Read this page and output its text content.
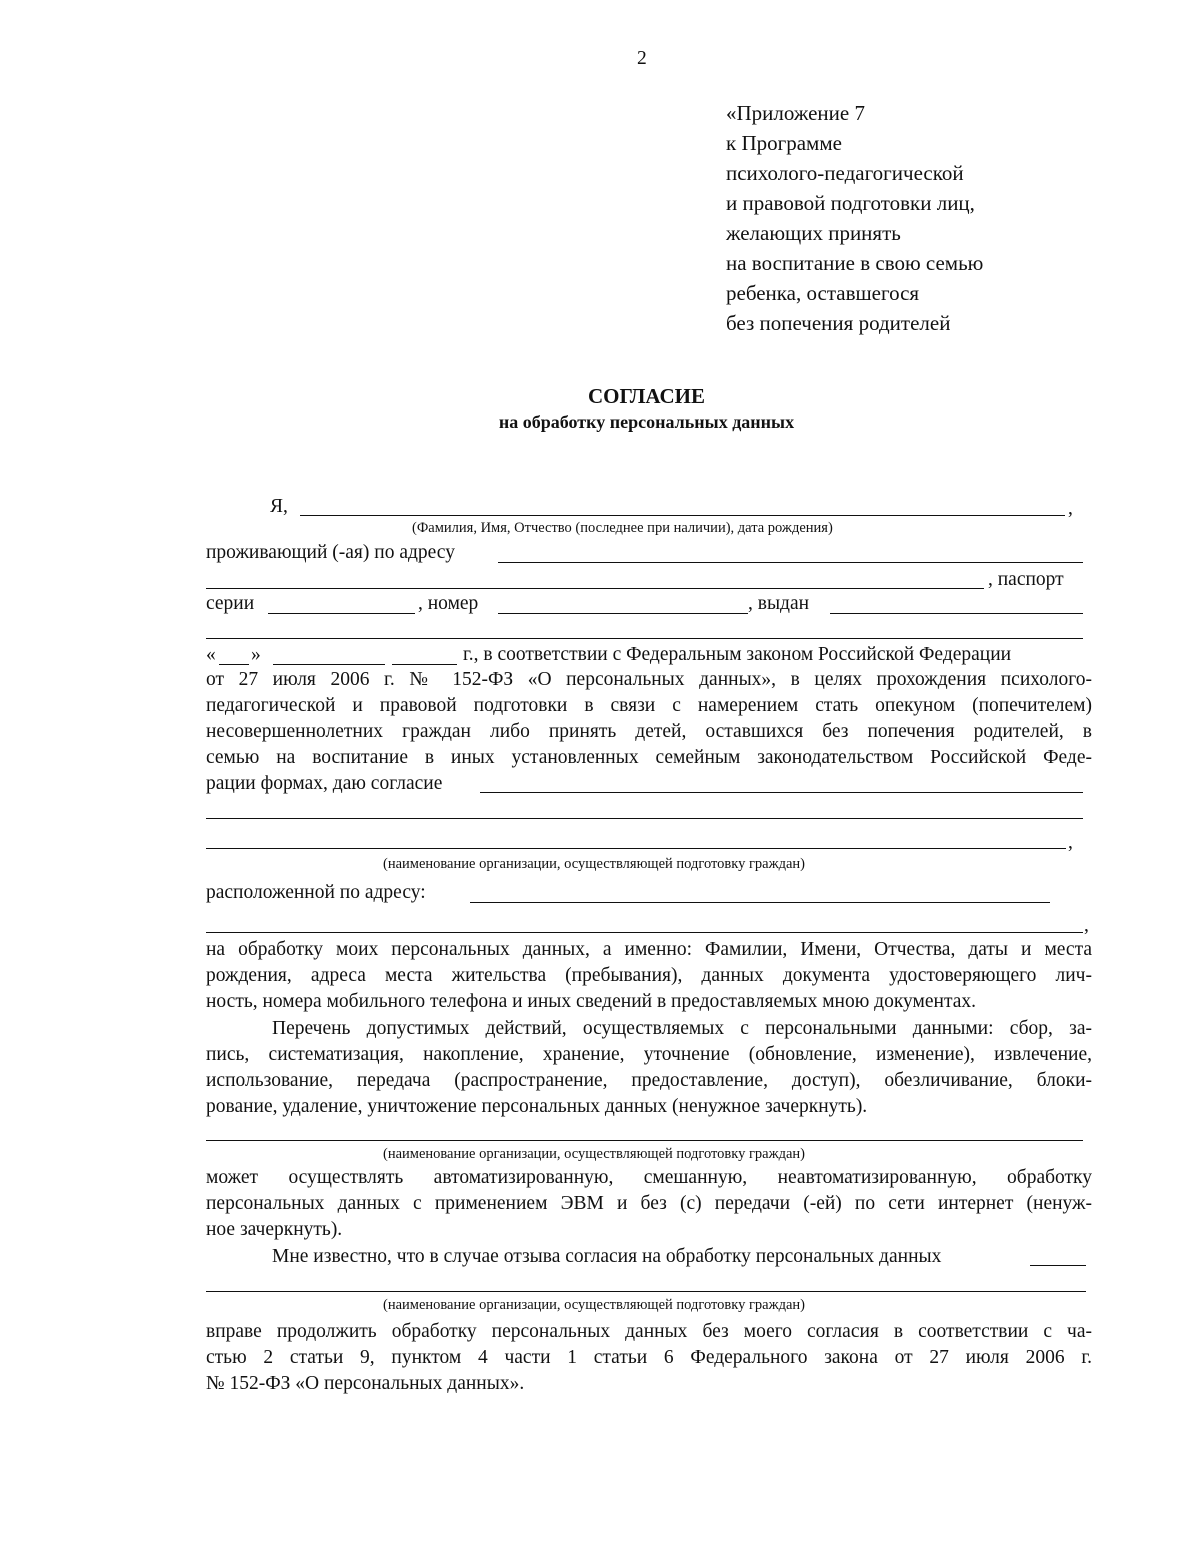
2
«Приложение 7
к Программе
психолого-педагогической
и правовой подготовки лиц,
желающих принять
на воспитание в свою семью
ребенка, оставшегося
без попечения родителей
СОГЛАСИЕ
на обработку персональных данных
Я,	,
(Фамилия, Имя, Отчество (последнее при наличии), дата рождения)
проживающий (-ая) по адресу
, паспорт
серии	, номер	, выдан
« »	г., в соответствии с Федеральным законом Российской Федерации
от 27 июля 2006 г. № 152-ФЗ «О персональных данных», в целях прохождения психолого-
педагогической и правовой подготовки в связи с намерением стать опекуном (попечителем)
несовершеннолетних граждан либо принять детей, оставшихся без попечения родителей, в
семью на воспитание в иных установленных семейным законодательством Российской Феде-
рации формах, даю согласие
,
(наименование организации, осуществляющей подготовку граждан)
расположенной по адресу:
,
на обработку моих персональных данных, а именно: Фамилии, Имени, Отчества, даты и места
рождения, адреса места жительства (пребывания), данных документа удостоверяющего лич-
ность, номера мобильного телефона и иных сведений в предоставляемых мною документах.
Перечень допустимых действий, осуществляемых с персональными данными: сбор, за-
пись, систематизация, накопление, хранение, уточнение (обновление, изменение), извлечение,
использование, передача (распространение, предоставление, доступ), обезличивание, блоки-
рование, удаление, уничтожение персональных данных (ненужное зачеркнуть).
(наименование организации, осуществляющей подготовку граждан)
может осуществлять автоматизированную, смешанную, неавтоматизированную, обработку
персональных данных с применением ЭВМ и без (с) передачи (-ей) по сети интернет (ненуж-
ное зачеркнуть).
Мне известно, что в случае отзыва согласия на обработку персональных данных
(наименование организации, осуществляющей подготовку граждан)
вправе продолжить обработку персональных данных без моего согласия в соответствии с ча-
стью 2 статьи 9, пунктом 4 части 1 статьи 6 Федерального закона от 27 июля 2006 г.
№ 152-ФЗ «О персональных данных».
